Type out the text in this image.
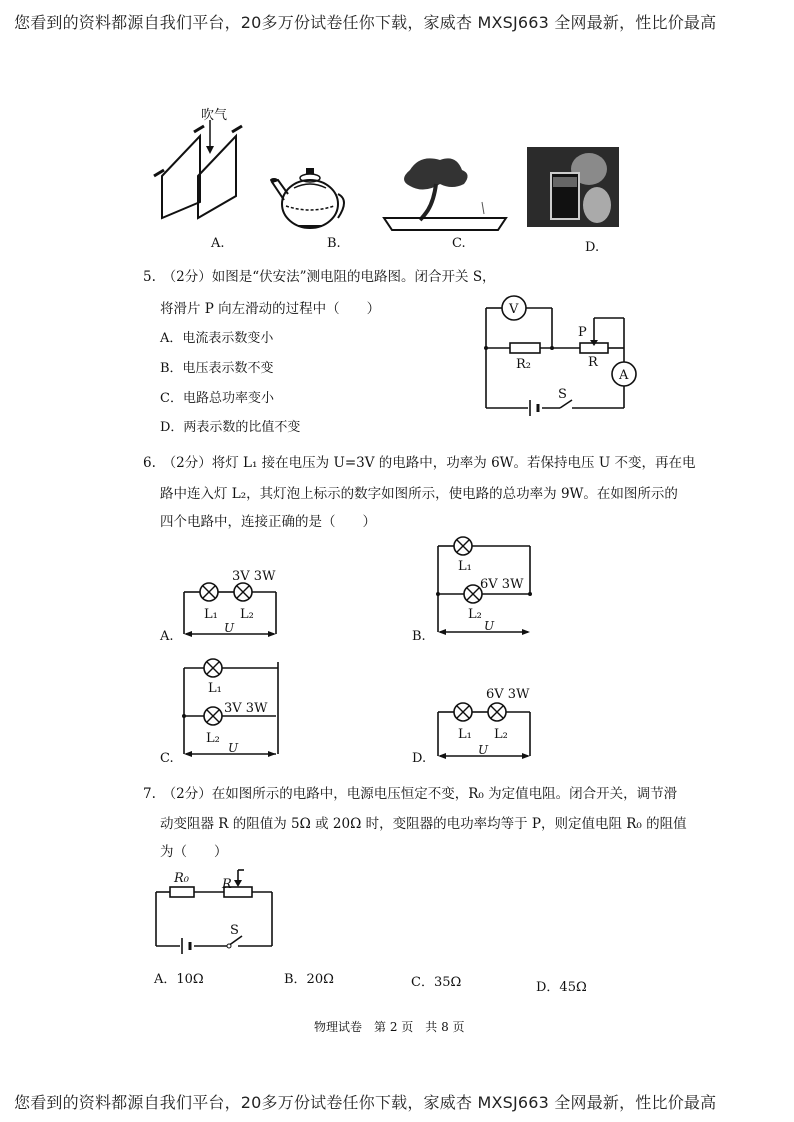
您看到的资料都源自我们平台，20多万份试卷任你下载，家威杏 MXSJ663 全网最新，性比价最高
您看到的资料都源自我们平台，20多万份试卷任你下载，家威杏 MXSJ663 全网最新，性比价最高
吹气
A.	B.	C.	D.
5.　（2分）如图是“伏安法”测电阻的电路图。闭合开关 S，
将滑片 P 向左滑动的过程中（　　）
A．电流表示数变小
B．电压表示数不变
C．电路总功率变小
D．两表示数的比值不变
V
A
P
R
R₂
S
6.　（2分）将灯 L₁ 接在电压为 U=3V 的电路中，功率为 6W。若保持电压 U 不变，再在电
路中连入灯 L₂，其灯泡上标示的数字如图所示，使电路的总功率为 9W。在如图所示的
四个电路中，连接正确的是（　　）
3V 3W
L₁ L₂
U
A.
L₁
6V 3W
L₂
U
B.
L₁
3V 3W
L₂
U
C.
6V 3W
L₁ L₂
U
D.
7.　（2分）在如图所示的电路中，电源电压恒定不变，R₀ 为定值电阻。闭合开关，调节滑
动变阻器 R 的阻值为 5Ω 或 20Ω 时，变阻器的电功率均等于 P，则定值电阻 R₀ 的阻值
为（　　）
R₀	R
S
A．10Ω	B．20Ω	C．35Ω	D．45Ω
物理试卷　第 2 页　共 8 页
